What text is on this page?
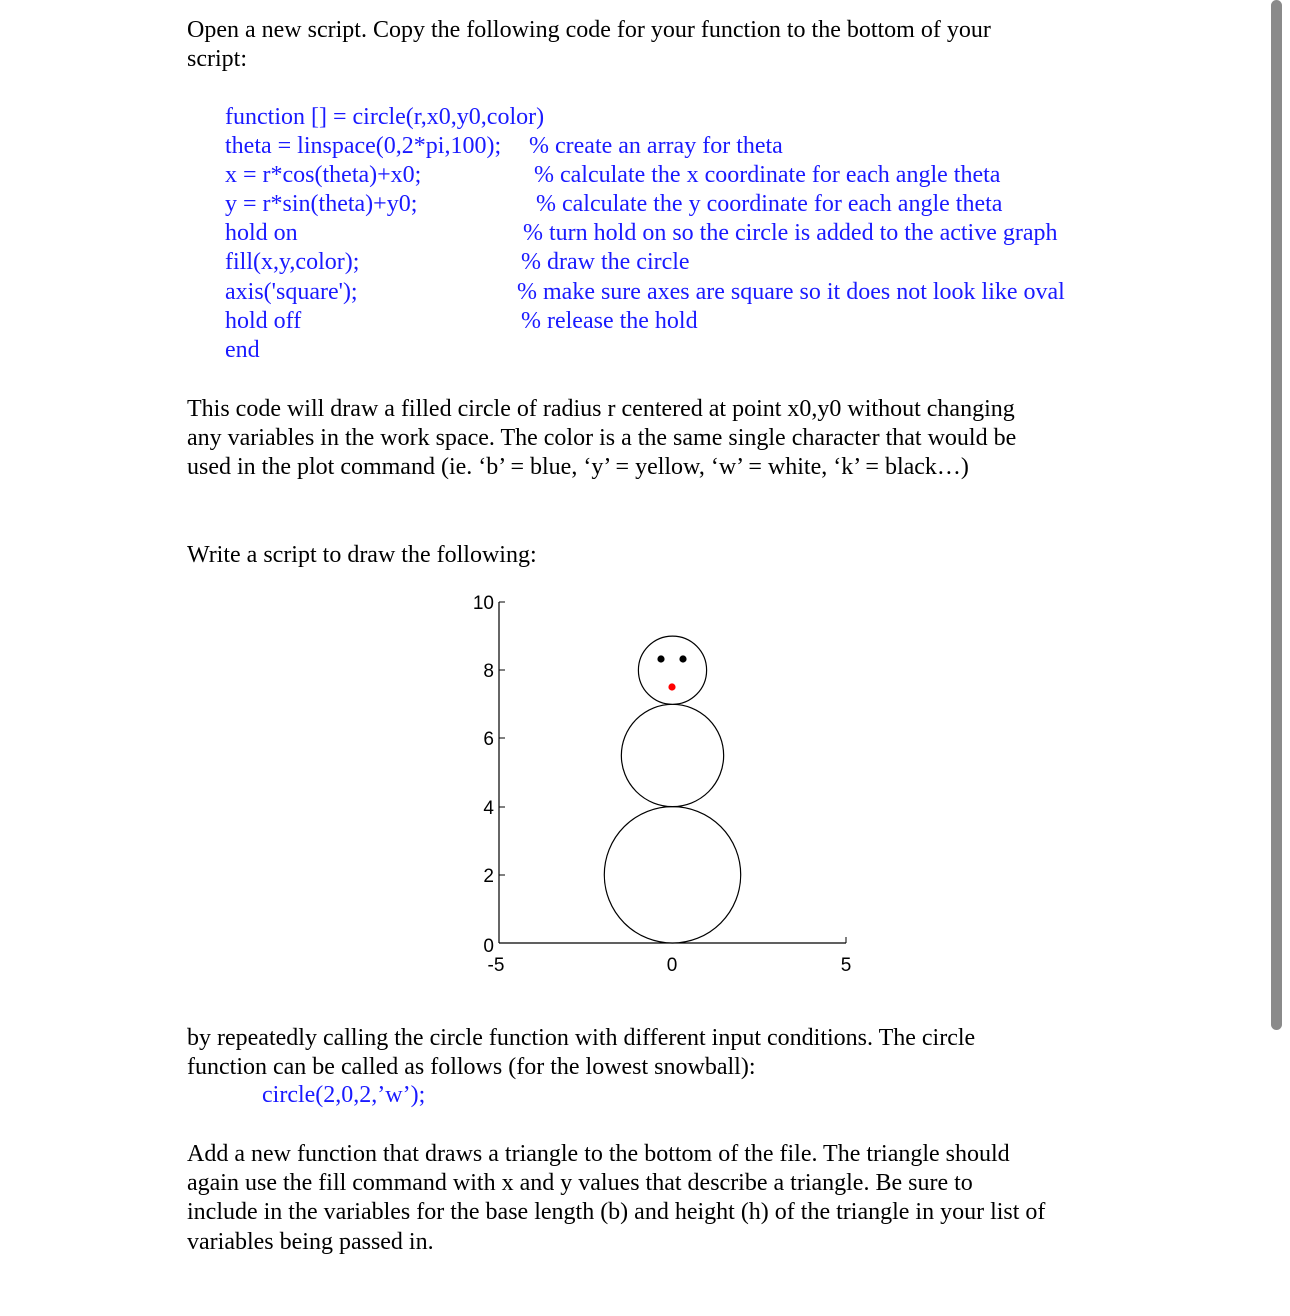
Open a new script. Copy the following code for your function to the bottom of your

script:

function [] = circle(r,x0,y0,color)
theta = linspace(0,2*pi,100); % create an array for theta
x = r*cos(theta)+x0;	% calculate the x coordinate for each angle theta
y = r*sin(theta)+y0;	% calculate the y coordinate for each angle theta
hold on	% turn hold on so the circle is added to the active graph
fill(x,y,color);	% draw the circle
axis('square');	% make sure axes are square so it does not look like oval
hold off	% release the hold
end

This code will draw a filled circle of radius r centered at point x0,y0 without changing

any variables in the work space. The color is a the same single character that would be

used in the plot command (ie. ‘b’ = blue, ‘y’ = yellow, ‘w’ = white, ‘k’ = black…)

Write a script to draw the following:

10
8
6
4
2
0
-5	0	5

by repeatedly calling the circle function with different input conditions. The circle

function can be called as follows (for the lowest snowball):

circle(2,0,2,’w’);

Add a new function that draws a triangle to the bottom of the file. The triangle should

again use the fill command with x and y values that describe a triangle. Be sure to

include in the variables for the base length (b) and height (h) of the triangle in your list of

variables being passed in.
